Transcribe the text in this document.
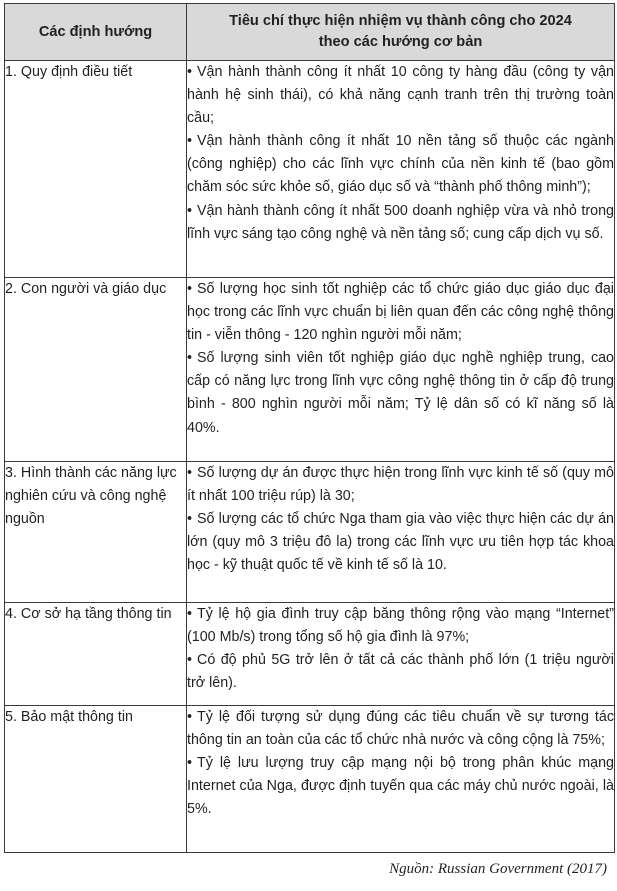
Các định hướng	Tiêu chí thực hiện nhiệm vụ thành công cho 2024 theo các hướng cơ bản
1. Quy định điều tiết	• Vận hành thành công ít nhất 10 công ty hàng đầu (công ty vận hành hệ sinh thái), có khả năng cạnh tranh trên thị trường toàn cầu;
• Vận hành thành công ít nhất 10 nền tảng số thuộc các ngành (công nghiệp) cho các lĩnh vực chính của nền kinh tế (bao gồm chăm sóc sức khỏe số, giáo dục số và “thành phố thông minh”);
• Vận hành thành công ít nhất 500 doanh nghiệp vừa và nhỏ trong lĩnh vực sáng tạo công nghệ và nền tảng số; cung cấp dịch vụ số.

2. Con người và giáo dục	• Số lượng học sinh tốt nghiệp các tổ chức giáo dục giáo dục đại học trong các lĩnh vực chuẩn bị liên quan đến các công nghệ thông tin - viễn thông - 120 nghìn người mỗi năm;
• Số lượng sinh viên tốt nghiệp giáo dục nghề nghiệp trung, cao cấp có năng lực trong lĩnh vực công nghệ thông tin ở cấp độ trung bình - 800 nghìn người mỗi năm; Tỷ lệ dân số có kĩ năng số là 40%.

3. Hình thành các năng lực nghiên cứu và công nghệ nguồn	• Số lượng dự án được thực hiện trong lĩnh vực kinh tế số (quy mô ít nhất 100 triệu rúp) là 30;
• Số lượng các tổ chức Nga tham gia vào việc thực hiện các dự án lớn (quy mô 3 triệu đô la) trong các lĩnh vực ưu tiên hợp tác khoa học - kỹ thuật quốc tế về kinh tế số là 10.

4. Cơ sở hạ tầng thông tin	• Tỷ lệ hộ gia đình truy cập băng thông rộng vào mạng “Internet” (100 Mb/s) trong tổng số hộ gia đình là 97%;
• Có độ phủ 5G trở lên ở tất cả các thành phố lớn (1 triệu người trở lên).

5. Bảo mật thông tin	• Tỷ lệ đối tượng sử dụng đúng các tiêu chuẩn về sự tương tác thông tin an toàn của các tổ chức nhà nước và công cộng là 75%;
• Tỷ lệ lưu lượng truy cập mạng nội bộ trong phân khúc mạng Internet của Nga, được định tuyến qua các máy chủ nước ngoài, là 5%.
Nguồn: Russian Government (2017)
